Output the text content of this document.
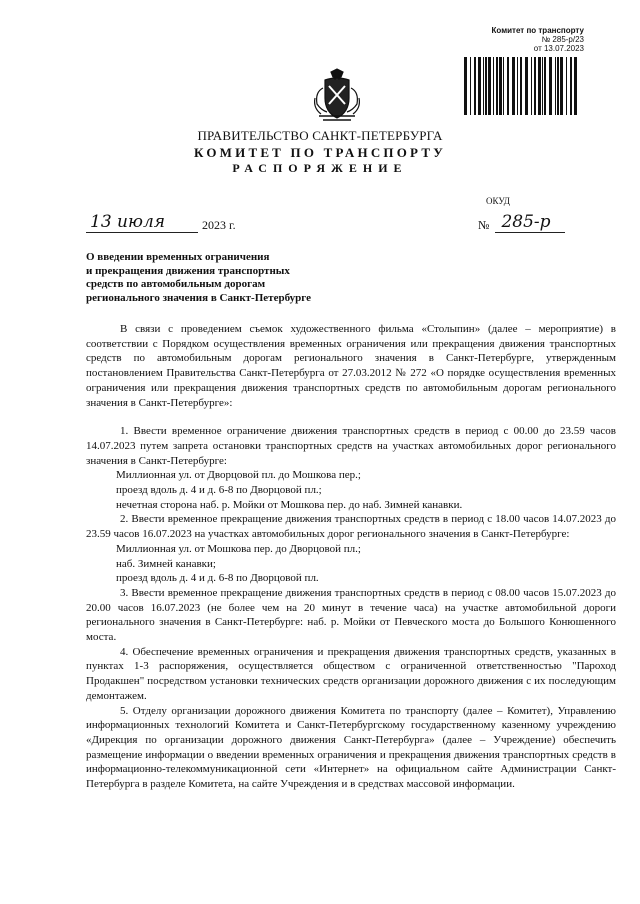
Комитет по транспорту
№ 285-р/23
от 13.07.2023
ПРАВИТЕЛЬСТВО САНКТ-ПЕТЕРБУРГА
КОМИТЕТ ПО ТРАНСПОРТУ
РАСПОРЯЖЕНИЕ
ОКУД
13 июля	2023 г.	№ 285-р
О введении временных ограничения
и прекращения движения транспортных
средств по автомобильным дорогам
регионального значения в Санкт-Петербурге

В связи с проведением съемок художественного фильма «Столыпин» (далее – мероприятие) в соответствии с Порядком осуществления временных ограничения или прекращения движения транспортных средств по автомобильным дорогам регионального значения в Санкт-Петербурге, утвержденным постановлением Правительства Санкт-Петербурга от 27.03.2012 № 272 «О порядке осуществления временных ограничения или прекращения движения транспортных средств по автомобильным дорогам регионального значения в Санкт-Петербурге»:

1. Ввести временное ограничение движения транспортных средств в период с 00.00 до 23.59 часов 14.07.2023 путем запрета остановки транспортных средств на участках автомобильных дорог регионального значения в Санкт-Петербурге:

Миллионная ул. от Дворцовой пл. до Мошкова пер.;

проезд вдоль д. 4 и д. 6-8 по Дворцовой пл.;

нечетная сторона наб. р. Мойки от Мошкова пер. до наб. Зимней канавки.

2. Ввести временное прекращение движения транспортных средств в период с 18.00 часов 14.07.2023 до 23.59 часов 16.07.2023 на участках автомобильных дорог регионального значения в Санкт-Петербурге:

Миллионная ул. от Мошкова пер. до Дворцовой пл.;

наб. Зимней канавки;

проезд вдоль д. 4 и д. 6-8 по Дворцовой пл.

3. Ввести временное прекращение движения транспортных средств в период с 08.00 часов 15.07.2023 до 20.00 часов 16.07.2023 (не более чем на 20 минут в течение часа) на участке автомобильной дороги регионального значения в Санкт-Петербурге: наб. р. Мойки от Певческого моста до Большого Конюшенного моста.

4. Обеспечение временных ограничения и прекращения движения транспортных средств, указанных в пунктах 1-3 распоряжения, осуществляется обществом с ограниченной ответственностью "Пароход Продакшен" посредством установки технических средств организации дорожного движения с их последующим демонтажем.

5. Отделу организации дорожного движения Комитета по транспорту (далее – Комитет), Управлению информационных технологий Комитета и Санкт-Петербургскому государственному казенному учреждению «Дирекция по организации дорожного движения Санкт-Петербурга» (далее – Учреждение) обеспечить размещение информации о введении временных ограничения и прекращения движения транспортных средств в информационно-телекоммуникационной сети «Интернет» на официальном сайте Администрации Санкт-Петербурга в разделе Комитета, на сайте Учреждения и в средствах массовой информации.
